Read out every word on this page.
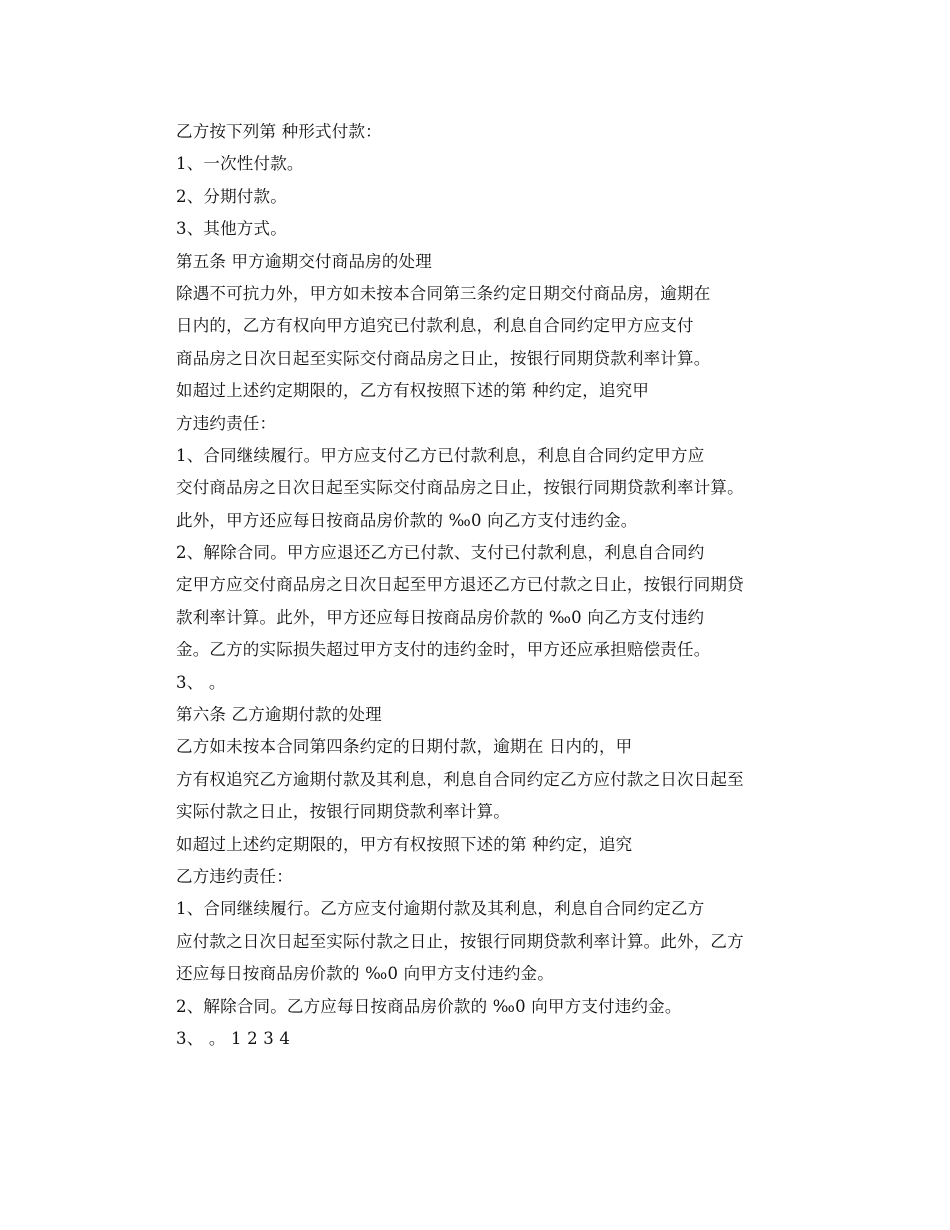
乙方按下列第 种形式付款：
1、一次性付款。
2、分期付款。
3、其他方式。
第五条 甲方逾期交付商品房的处理
除遇不可抗力外，甲方如未按本合同第三条约定日期交付商品房，逾期在
日内的，乙方有权向甲方追究已付款利息，利息自合同约定甲方应支付
商品房之日次日起至实际交付商品房之日止，按银行同期贷款利率计算。
如超过上述约定期限的，乙方有权按照下述的第 种约定，追究甲
方违约责任：
1、合同继续履行。甲方应支付乙方已付款利息，利息自合同约定甲方应
交付商品房之日次日起至实际交付商品房之日止，按银行同期贷款利率计算。
此外，甲方还应每日按商品房价款的 ‰0 向乙方支付违约金。
2、解除合同。甲方应退还乙方已付款、支付已付款利息，利息自合同约
定甲方应交付商品房之日次日起至甲方退还乙方已付款之日止，按银行同期贷
款利率计算。此外，甲方还应每日按商品房价款的 ‰0 向乙方支付违约
金。乙方的实际损失超过甲方支付的违约金时，甲方还应承担赔偿责任。
3、 。
第六条 乙方逾期付款的处理
乙方如未按本合同第四条约定的日期付款，逾期在 日内的，甲
方有权追究乙方逾期付款及其利息，利息自合同约定乙方应付款之日次日起至
实际付款之日止，按银行同期贷款利率计算。
如超过上述约定期限的，甲方有权按照下述的第 种约定，追究
乙方违约责任：
1、合同继续履行。乙方应支付逾期付款及其利息，利息自合同约定乙方
应付款之日次日起至实际付款之日止，按银行同期贷款利率计算。此外，乙方
还应每日按商品房价款的 ‰0 向甲方支付违约金。
2、解除合同。乙方应每日按商品房价款的 ‰0 向甲方支付违约金。
3、 。 1 2 3 4
